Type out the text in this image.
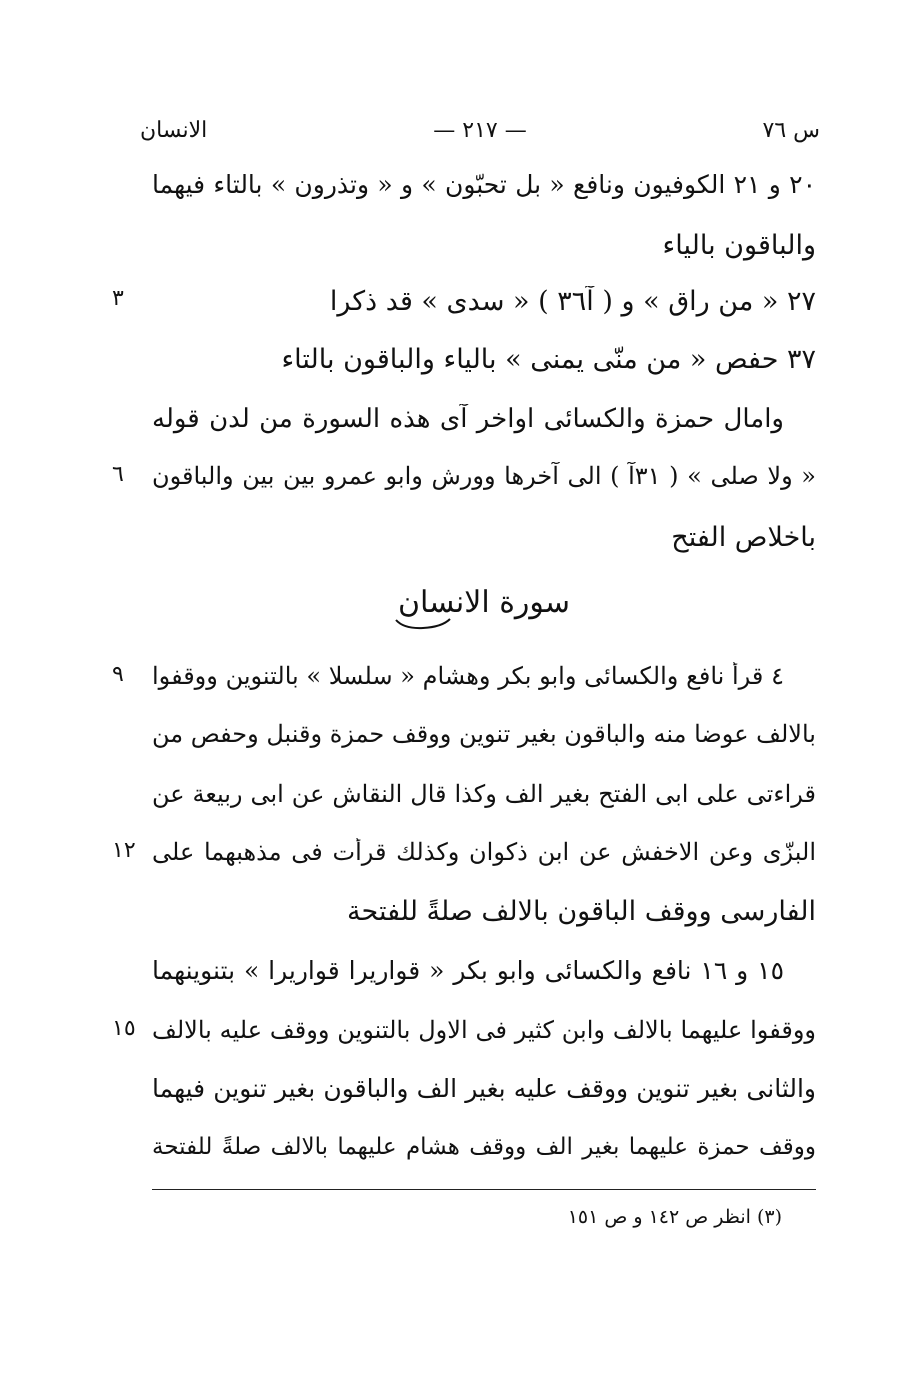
س ٧٦
— ٢١٧ —
الانسان
٢٠ و ٢١ الكوفيون ونافع « بل تحبّون » و « وتذرون » بالتاء فيهما
والباقون بالياء
٢٧ « من راق » و ( آ٣٦ ) « سدى » قد ذكرا
٣
٣٧ حفص « من منّى يمنى » بالياء والباقون بالتاء
وامال حمزة والكسائى اواخر آى هذه السورة من لدن قوله
« ولا صلى » ( ٣١آ ) الى آخرها وورش وابو عمرو بين بين والباقون
٦
باخلاص الفتح
سورة الانسان
٤ قرأ نافع والكسائى وابو بكر وهشام « سلسلا » بالتنوين ووقفوا
٩
بالالف عوضا منه والباقون بغير تنوين ووقف حمزة وقنبل وحفص من
قراءتى على ابى الفتح بغير الف وكذا قال النقاش عن ابى ربيعة عن
البزّى وعن الاخفش عن ابن ذكوان وكذلك قرأت فى مذهبهما على
١٢
الفارسى ووقف الباقون بالالف صلةً للفتحة
١٥ و ١٦ نافع والكسائى وابو بكر « قواريرا قواريرا » بتنوينهما
ووقفوا عليهما بالالف وابن كثير فى الاول بالتنوين ووقف عليه بالالف
١٥
والثانى بغير تنوين ووقف عليه بغير الف والباقون بغير تنوين فيهما
ووقف حمزة عليهما بغير الف ووقف هشام عليهما بالالف صلةً للفتحة
(٣) انظر ص ١٤٢ و ص ١٥١
